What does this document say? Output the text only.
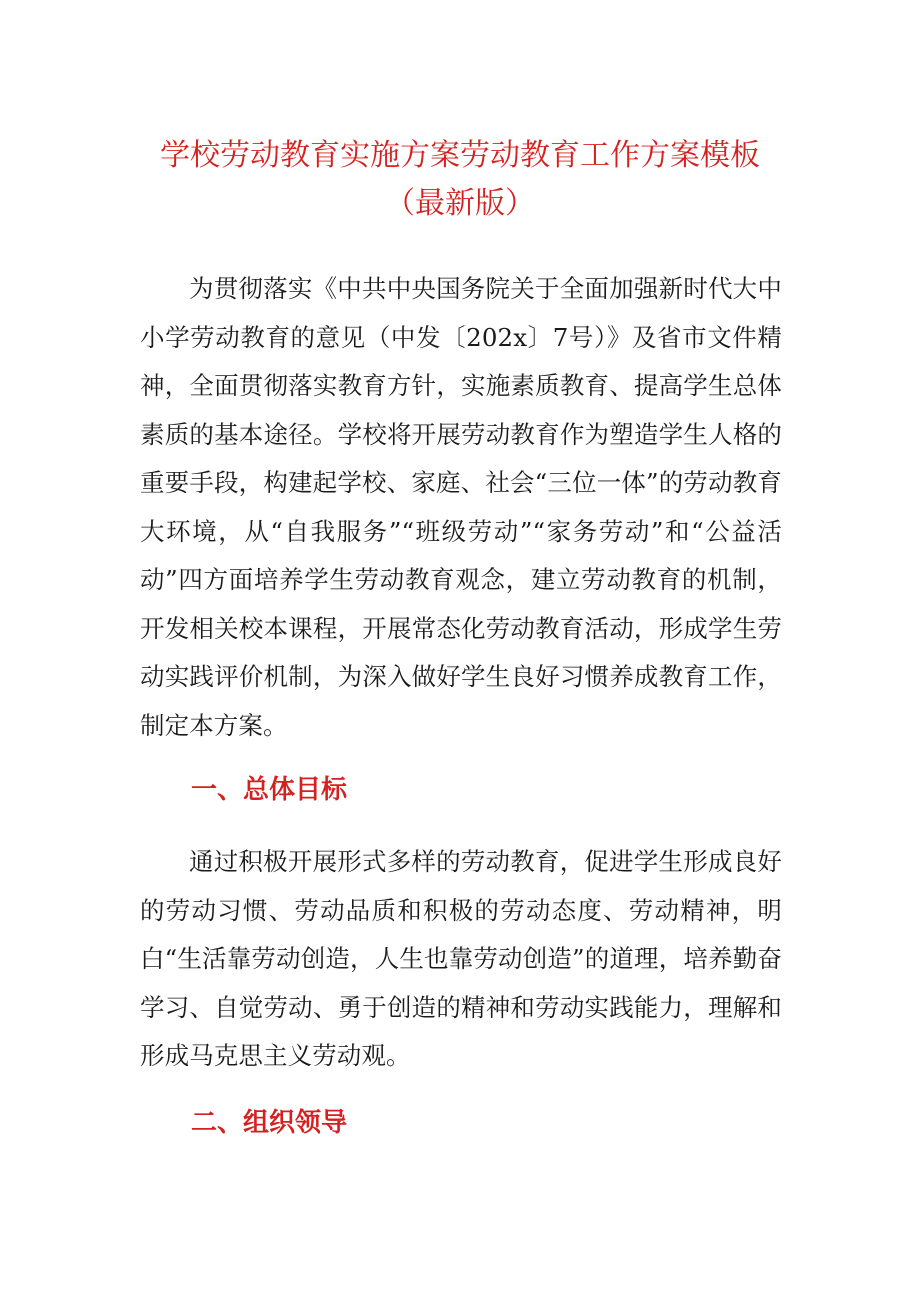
学校劳动教育实施方案劳动教育工作方案模板
（最新版）

为贯彻落实《中共中央国务院关于全面加强新时代大中小学劳动教育的意见（中发〔202x〕7号）》及省市文件精神，全面贯彻落实教育方针，实施素质教育、提高学生总体素质的基本途径。学校将开展劳动教育作为塑造学生人格的重要手段，构建起学校、家庭、社会“三位一体”的劳动教育大环境，从“自我服务”“班级劳动”“家务劳动”和“公益活动”四方面培养学生劳动教育观念，建立劳动教育的机制，开发相关校本课程，开展常态化劳动教育活动，形成学生劳动实践评价机制，为深入做好学生良好习惯养成教育工作，制定本方案。

一、总体目标

通过积极开展形式多样的劳动教育，促进学生形成良好的劳动习惯、劳动品质和积极的劳动态度、劳动精神，明白“生活靠劳动创造，人生也靠劳动创造”的道理，培养勤奋学习、自觉劳动、勇于创造的精神和劳动实践能力，理解和形成马克思主义劳动观。

二、组织领导
